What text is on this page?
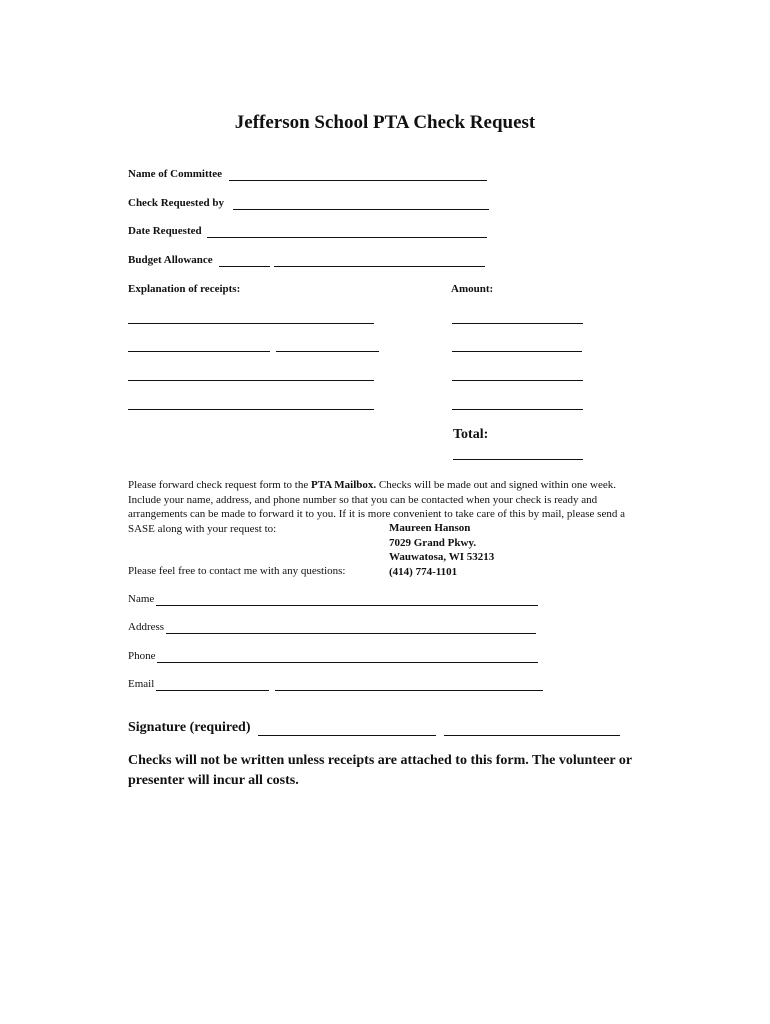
Jefferson School PTA Check Request
Name of Committee
Check Requested by
Date Requested
Budget Allowance
Explanation of receipts:	Amount:
Total:
Please forward check request form to the PTA Mailbox. Checks will be made out and signed within one week. Include your name, address, and phone number so that you can be contacted when your check is ready and arrangements can be made to forward it to you. If it is more convenient to take care of this by mail, please send a SASE along with your request to:	Maureen Hanson
7029 Grand Pkwy.
Wauwatosa, WI 53213
(414) 774-1101
Please feel free to contact me with any questions:
Name
Address
Phone
Email
Signature (required)
Checks will not be written unless receipts are attached to this form. The volunteer or presenter will incur all costs.
